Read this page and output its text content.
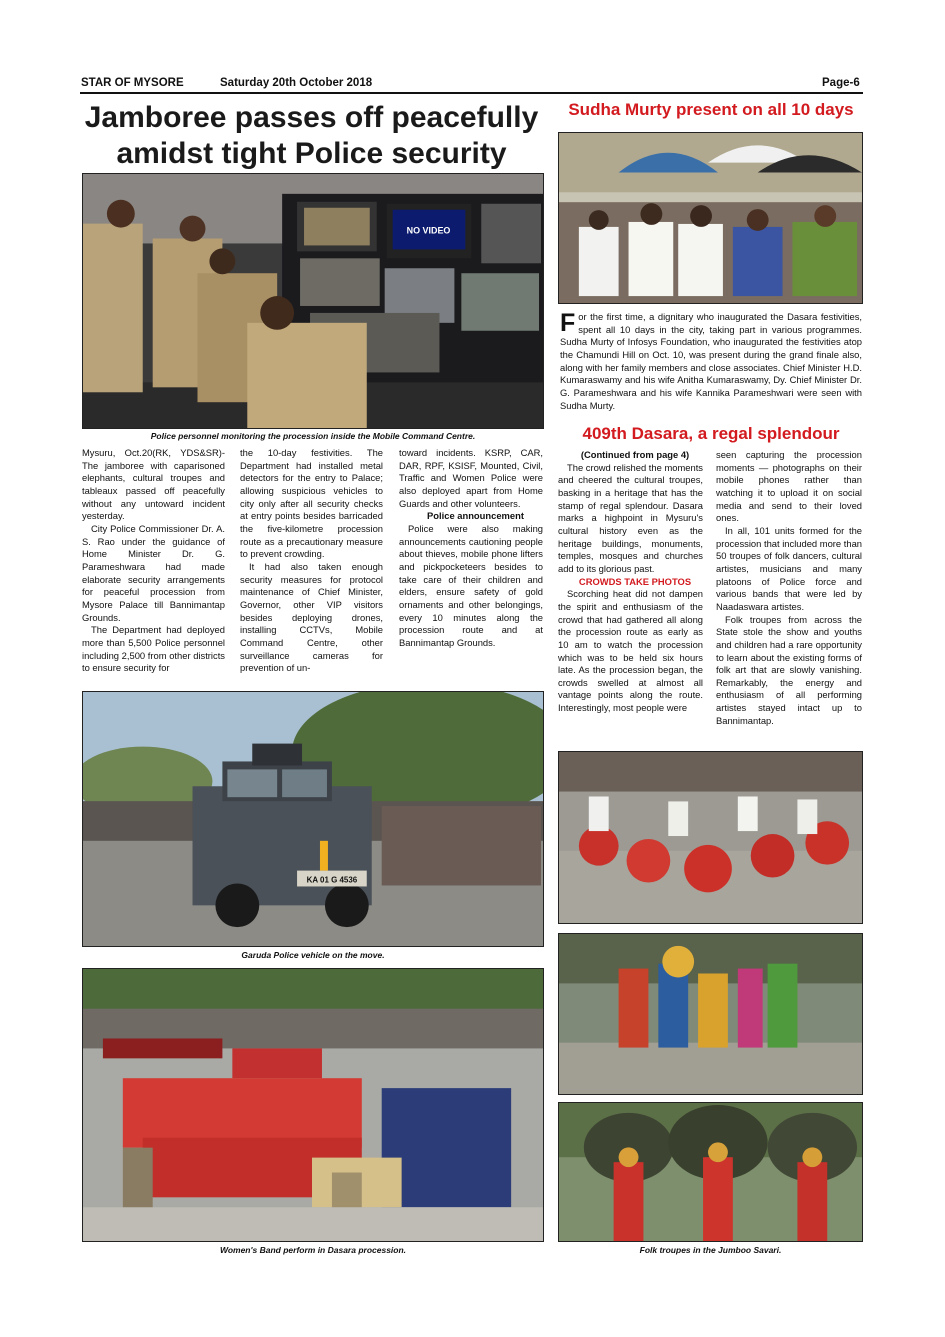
STAR OF MYSORE	Saturday 20th October 2018	Page-6
Jamboree passes off peacefully
amidst tight Police security
NO VIDEO
Police personnel monitoring the procession inside the Mobile Command Centre.

Mysuru, Oct.20(RK, YDS&SR)-The jamboree with caparisoned elephants, cultural troupes and tableaux passed off peacefully without any untoward incident yesterday.

City Police Commissioner Dr. A. S. Rao under the guidance of Home Minister Dr. G. Parameshwara had made elaborate security arrangements for peaceful procession from Mysore Palace till Bannimantap Grounds.

The Department had deployed more than 5,500 Police personnel including 2,500 from other districts to ensure security for

the 10-day festivities. The Department had installed metal detectors for the entry to Palace; allowing suspicious vehicles to city only after all security checks at entry points besides barricaded the five-kilometre procession route as a precautionary measure to prevent crowding.

It had also taken enough security measures for protocol maintenance of Chief Minister, Governor, other VIP visitors besides deploying drones, installing CCTVs, Mobile Command Centre, other surveillance cameras for prevention of un-

toward incidents. KSRP, CAR, DAR, RPF, KSISF, Mounted, Civil, Traffic and Women Police were also deployed apart from Home Guards and other volunteers.

Police announcement

Police were also making announcements cautioning people about thieves, mobile phone lifters and pickpocketeers besides to take care of their children and elders, ensure safety of gold ornaments and other belongings, every 10 minutes along the procession route and at Bannimantap Grounds.

KA 01 G 4536
Garuda Police vehicle on the move.
Women's Band perform in Dasara procession.
Sudha Murty present on all 10 days

For the first time, a dignitary who inaugurated the Dasara festivities, spent all 10 days in the city, taking part in various programmes. Sudha Murty of Infosys Foundation, who inaugurated the festivities atop the Chamundi Hill on Oct. 10, was present during the grand finale also, along with her family members and close associates. Chief Minister H.D. Kumaraswamy and his wife Anitha Kumaraswamy, Dy. Chief Minister Dr. G. Parameshwara and his wife Kannika Parameshwari were seen with Sudha Murty.

409th Dasara, a regal splendour

(Continued from page 4)

The crowd relished the moments and cheered the cultural troupes, basking in a heritage that has the stamp of regal splendour. Dasara marks a highpoint in Mysuru's cultural history even as the heritage buildings, monuments, temples, mosques and churches add to its glorious past.

CROWDS TAKE PHOTOS

Scorching heat did not dampen the spirit and enthusiasm of the crowd that had gathered all along the procession route as early as 10 am to watch the procession which was to be held six hours late. As the procession began, the crowds swelled at almost all vantage points along the route. Interestingly, most people were

seen capturing the procession moments — photographs on their mobile phones rather than watching it to upload it on social media and send to their loved ones.

In all, 101 units formed for the procession that included more than 50 troupes of folk dancers, cultural artistes, musicians and many platoons of Police force and various bands that were led by Naadaswara artistes.

Folk troupes from across the State stole the show and youths and children had a rare opportunity to learn about the existing forms of folk art that are slowly vanishing. Remarkably, the energy and enthusiasm of all performing artistes stayed intact up to Bannimantap.

Folk troupes in the Jumboo Savari.
